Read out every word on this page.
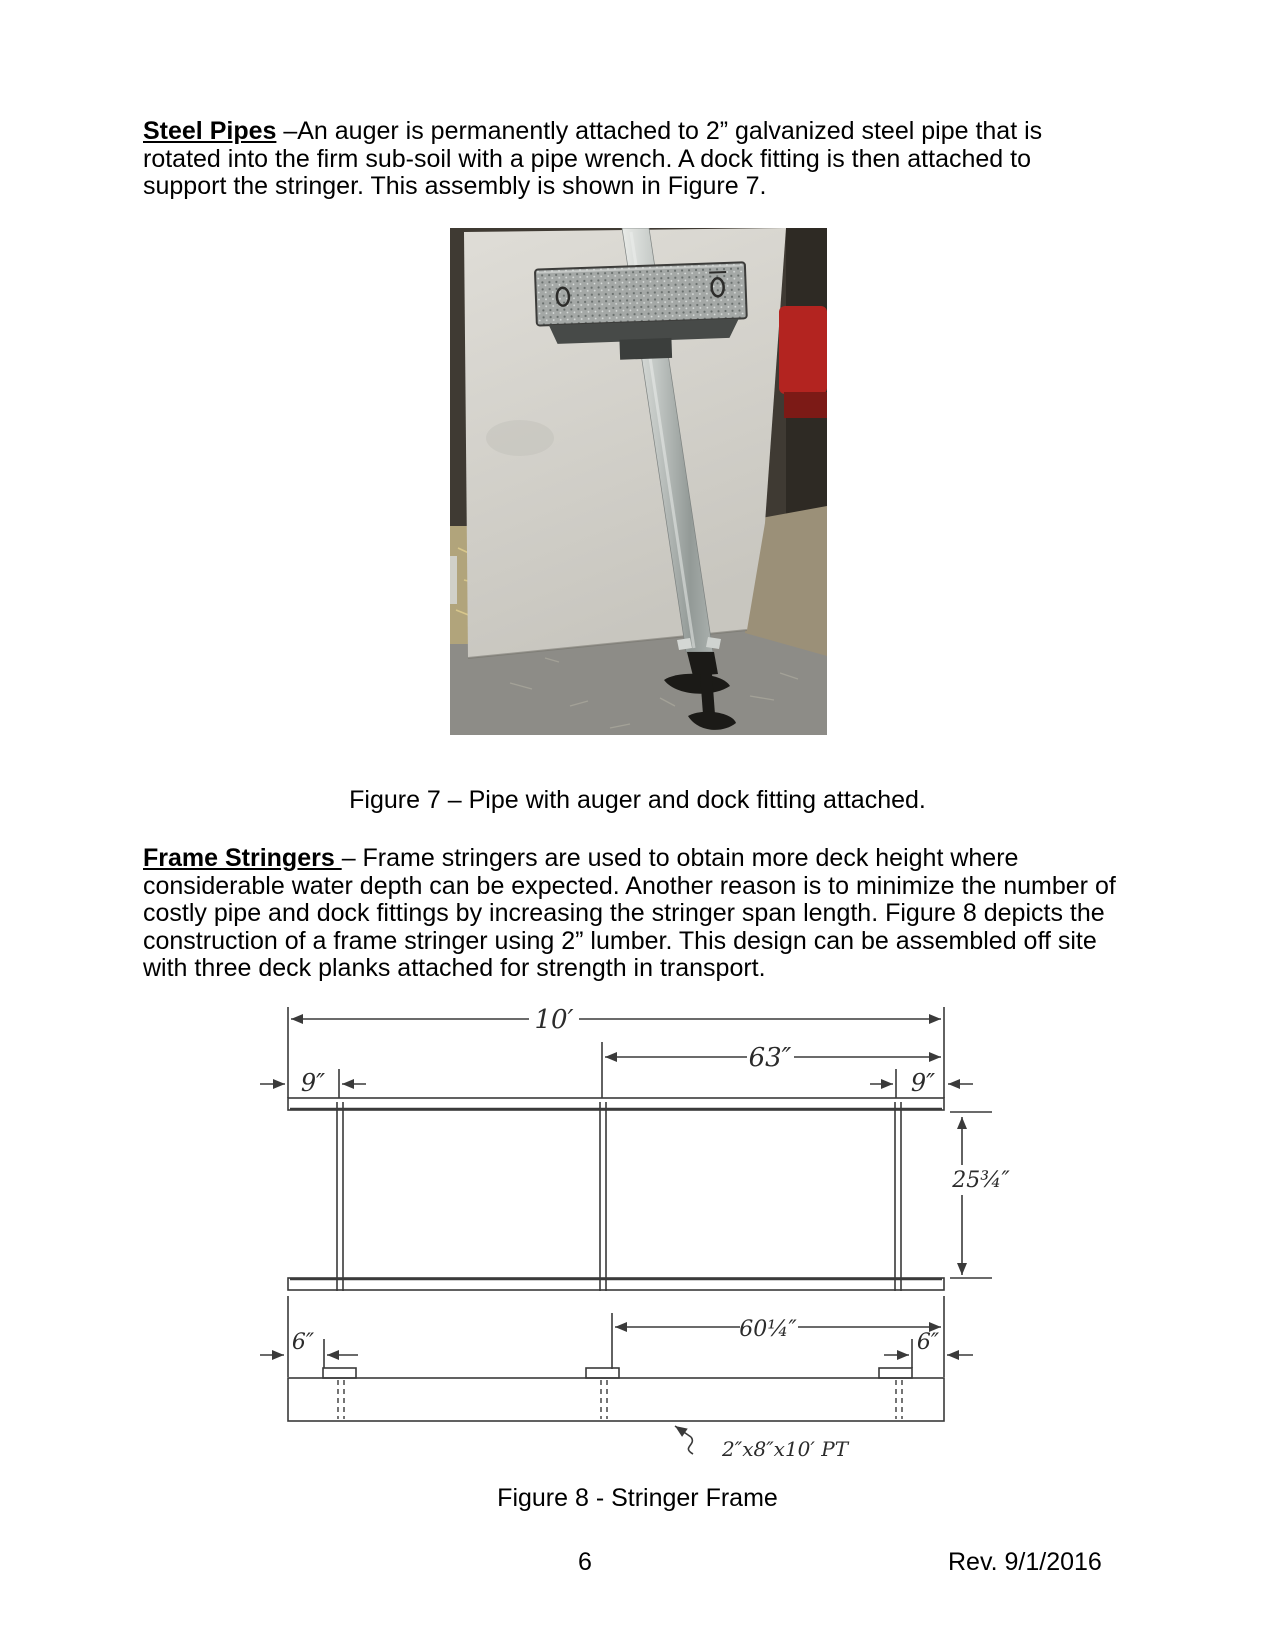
Steel Pipes –An auger is permanently attached to 2” galvanized steel pipe that is
rotated into the firm sub-soil with a pipe wrench. A dock fitting is then attached to
support the stringer. This assembly is shown in Figure 7.
Figure 7 – Pipe with auger and dock fitting attached.
Frame Stringers – Frame stringers are used to obtain more deck height where
considerable water depth can be expected. Another reason is to minimize the number of
costly pipe and dock fittings by increasing the stringer span length. Figure 8 depicts the
construction of a frame stringer using 2” lumber. This design can be assembled off site
with three deck planks attached for strength in transport.
10′
63″
9″	9″
25¾″
60¼″
6″	6″
2″x8″x10′ PT
Figure 8 - Stringer Frame
6	Rev. 9/1/2016
